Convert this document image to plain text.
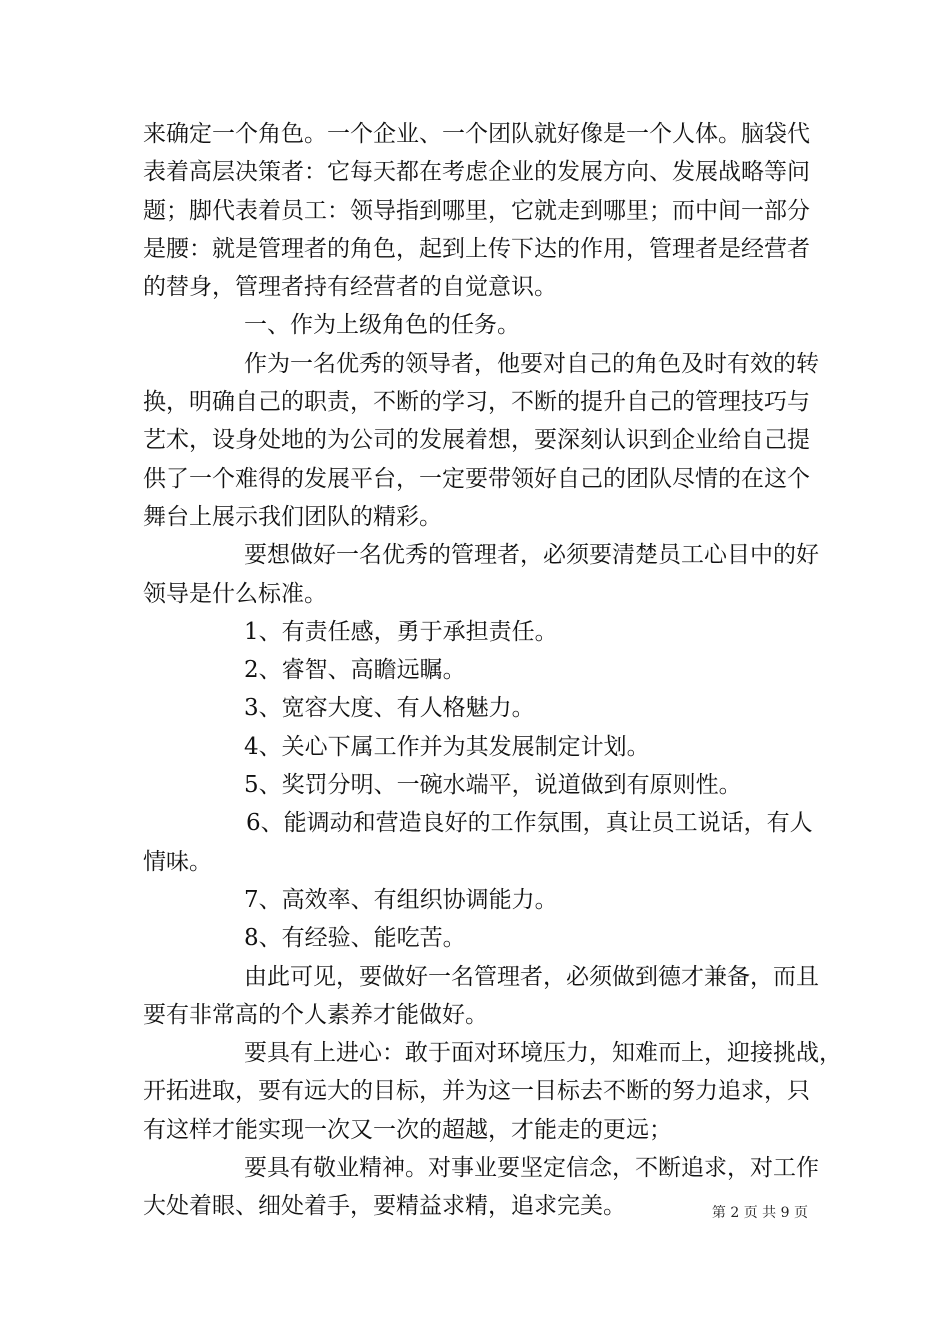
来确定一个角色。一个企业、一个团队就好像是一个人体。脑袋代
表着高层决策者：它每天都在考虑企业的发展方向、发展战略等问
题；脚代表着员工：领导指到哪里，它就走到哪里；而中间一部分
是腰：就是管理者的角色，起到上传下达的作用，管理者是经营者
的替身，管理者持有经营者的自觉意识。
一、作为上级角色的任务。
作为一名优秀的领导者，他要对自己的角色及时有效的转
换，明确自己的职责，不断的学习，不断的提升自己的管理技巧与
艺术，设身处地的为公司的发展着想，要深刻认识到企业给自己提
供了一个难得的发展平台，一定要带领好自己的团队尽情的在这个
舞台上展示我们团队的精彩。
要想做好一名优秀的管理者，必须要清楚员工心目中的好
领导是什么标准。
1、有责任感，勇于承担责任。
2、睿智、高瞻远瞩。
3、宽容大度、有人格魅力。
4、关心下属工作并为其发展制定计划。
5、奖罚分明、一碗水端平，说道做到有原则性。
6、能调动和营造良好的工作氛围，真让员工说话，有人
情味。
7、高效率、有组织协调能力。
8、有经验、能吃苦。
由此可见，要做好一名管理者，必须做到德才兼备，而且
要有非常高的个人素养才能做好。
要具有上进心：敢于面对环境压力，知难而上，迎接挑战，
开拓进取，要有远大的目标，并为这一目标去不断的努力追求，只
有这样才能实现一次又一次的超越，才能走的更远；
要具有敬业精神。对事业要坚定信念，不断追求，对工作
大处着眼、细处着手，要精益求精，追求完美。	第 2 页 共 9 页
